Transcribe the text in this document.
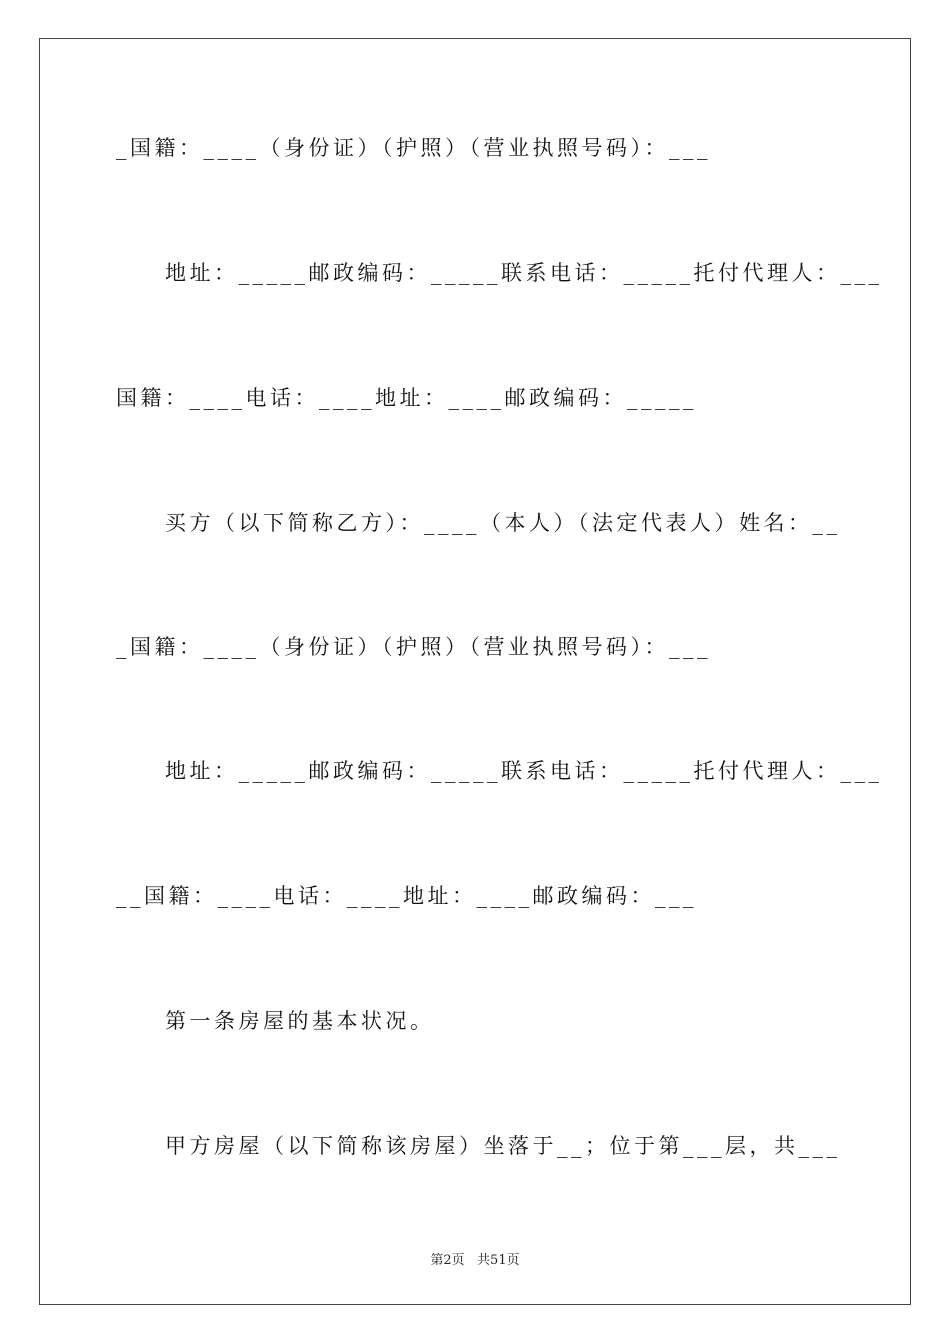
_国籍：____（身份证）（护照）（营业执照号码）：___
地址：_____邮政编码：_____联系电话：_____托付代理人：___
国籍：____电话：____地址：____邮政编码：_____
买方（以下简称乙方）：____（本人）（法定代表人）姓名：__
_国籍：____（身份证）（护照）（营业执照号码）：___
地址：_____邮政编码：_____联系电话：_____托付代理人：___
__国籍：____电话：____地址：____邮政编码：___
第一条房屋的基本状况。
甲方房屋（以下简称该房屋）坐落于__；位于第___层，共___
第2页   共51页
